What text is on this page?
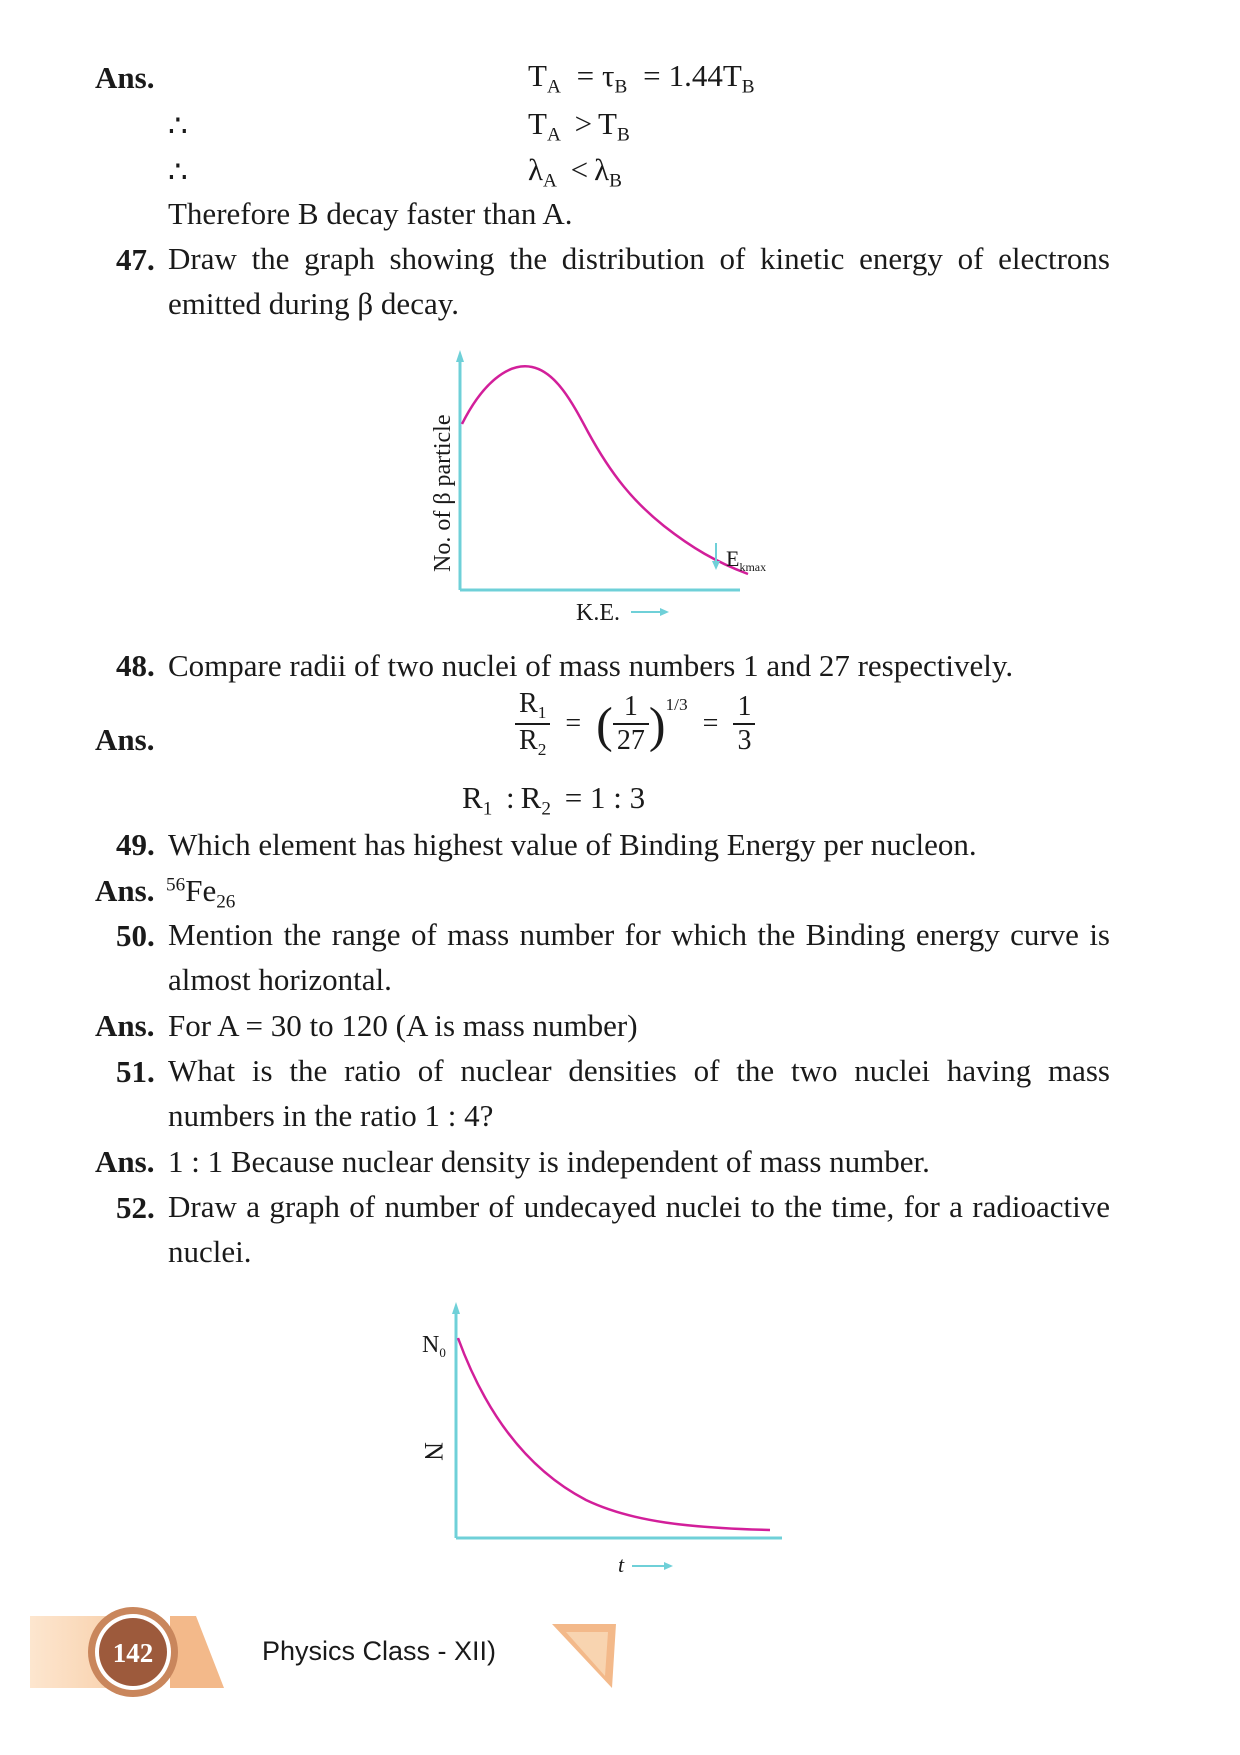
Ans.	$T_A = \tau_B = 1.44T_B$
∴	$T_A > T_B$
∴	$\lambda_A < \lambda_B$
Therefore B decay faster than A.
47. Draw the graph showing the distribution of kinetic energy of electrons emitted during β decay.
No. of β particle
K.E.
$E_{kmax}$
48. Compare radii of two nuclei of mass numbers 1 and 27 respectively.
Ans.	$\frac{R_1}{R_2}$ = ( $\frac{1}{27} )^{1/3} = \frac{1}{3}$
$R_1$ : $R_2 = 1$ : 3
49. Which element has highest value of Binding Energy per nucleon.
Ans. $^{56}Fe_{26}$
50. Mention the range of mass number for which the Binding energy curve is almost horizontal.
Ans. For A = 30 to 120 (A is mass number)
51. What is the ratio of nuclear densities of the two nuclei having mass numbers in the ratio 1 : 4?
Ans. 1 : 1 Because nuclear density is independent of mass number.
52. Draw a graph of number of undecayed nuclei to the time, for a radioactive nuclei.
$N_0$
N
t
142	Physics Class - XII)
